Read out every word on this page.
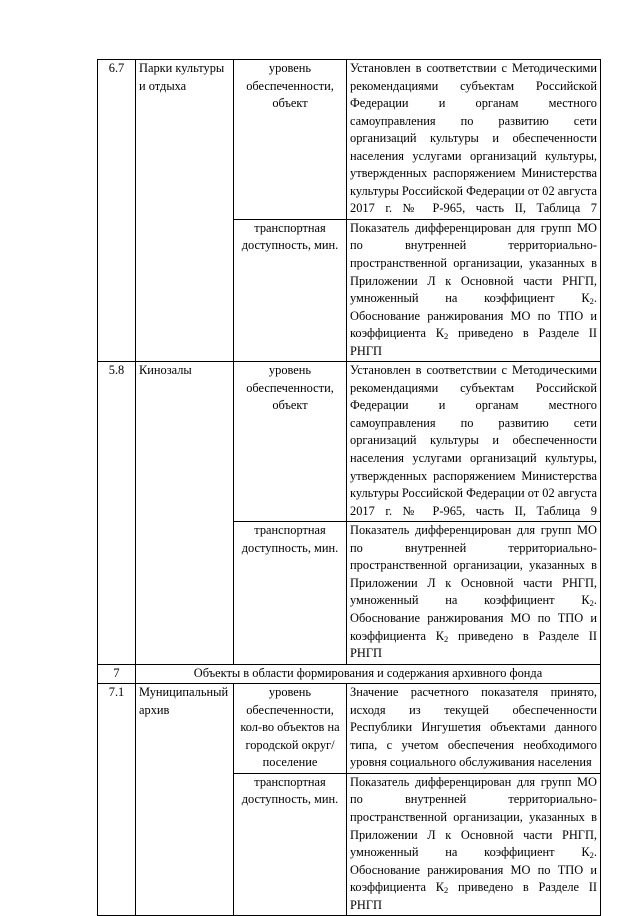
6.7	Парки культуры и отдыха	уровень обеспеченности, объект	Установлен в соответствии с Методическими рекомендациями субъектам Российской Федерации и органам местного самоуправления по развитию сети организаций культуры и обеспеченности населения услугами организаций культуры, утвержденных распоряжением Министерства культуры Российской Федерации от 02 августа 2017 г. № Р-965, часть II, Таблица 7
		транспортная доступность, мин.	Показатель дифференцирован для групп МО по внутренней территориально-пространственной организации, указанных в Приложении Л к Основной части РНГП, умноженный на коэффициент $К_2$. Обоснование ранжирования МО по ТПО и коэффициента $К_2$ приведено в Разделе II РНГП
5.8	Кинозалы	уровень обеспеченности, объект	Установлен в соответствии с Методическими рекомендациями субъектам Российской Федерации и органам местного самоуправления по развитию сети организаций культуры и обеспеченности населения услугами организаций культуры, утвержденных распоряжением Министерства культуры Российской Федерации от 02 августа 2017 г. № Р-965, часть II, Таблица 9
		транспортная доступность, мин.	Показатель дифференцирован для групп МО по внутренней территориально-пространственной организации, указанных в Приложении Л к Основной части РНГП, умноженный на коэффициент $К_2$. Обоснование ранжирования МО по ТПО и коэффициента $К_2$ приведено в Разделе II РНГП
7	Объекты в области формирования и содержания архивного фонда		
7.1	Муниципальный архив	уровень обеспеченности, кол-во объектов на городской округ/поселение	Значение расчетного показателя принято, исходя из текущей обеспеченности Республики Ингушетия объектами данного типа, с учетом обеспечения необходимого уровня социального обслуживания населения
		транспортная доступность, мин.	Показатель дифференцирован для групп МО по внутренней территориально-пространственной организации, указанных в Приложении Л к Основной части РНГП, умноженный на коэффициент $К_2$. Обоснование ранжирования МО по ТПО и коэффициента $К_2$ приведено в Разделе II РНГП
